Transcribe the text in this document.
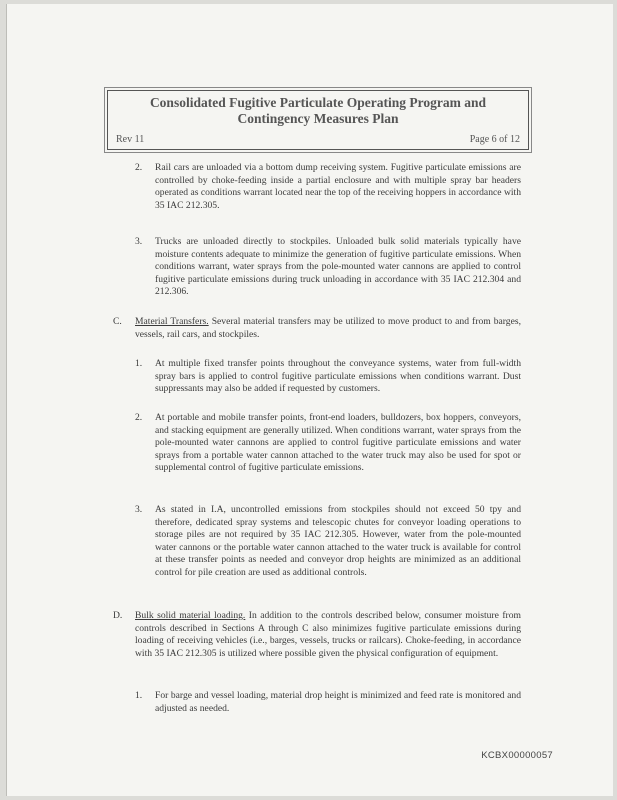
Consolidated Fugitive Particulate Operating Program and
Contingency Measures Plan
Rev 11	Page 6 of 12
2. Rail cars are unloaded via a bottom dump receiving system. Fugitive particulate emissions are controlled by choke-feeding inside a partial enclosure and with multiple spray bar headers operated as conditions warrant located near the top of the receiving hoppers in accordance with 35 IAC 212.305.
3. Trucks are unloaded directly to stockpiles. Unloaded bulk solid materials typically have moisture contents adequate to minimize the generation of fugitive particulate emissions. When conditions warrant, water sprays from the pole-mounted water cannons are applied to control fugitive particulate emissions during truck unloading in accordance with 35 IAC 212.304 and 212.306.
C. Material Transfers. Several material transfers may be utilized to move product to and from barges, vessels, rail cars, and stockpiles.
1. At multiple fixed transfer points throughout the conveyance systems, water from full-width spray bars is applied to control fugitive particulate emissions when conditions warrant. Dust suppressants may also be added if requested by customers.
2. At portable and mobile transfer points, front-end loaders, bulldozers, box hoppers, conveyors, and stacking equipment are generally utilized. When conditions warrant, water sprays from the pole-mounted water cannons are applied to control fugitive particulate emissions and water sprays from a portable water cannon attached to the water truck may also be used for spot or supplemental control of fugitive particulate emissions.
3. As stated in I.A, uncontrolled emissions from stockpiles should not exceed 50 tpy and therefore, dedicated spray systems and telescopic chutes for conveyor loading operations to storage piles are not required by 35 IAC 212.305. However, water from the pole-mounted water cannons or the portable water cannon attached to the water truck is available for control at these transfer points as needed and conveyor drop heights are minimized as an additional control for pile creation are used as additional controls.
D. Bulk solid material loading. In addition to the controls described below, consumer moisture from controls described in Sections A through C also minimizes fugitive particulate emissions during loading of receiving vehicles (i.e., barges, vessels, trucks or railcars). Choke-feeding, in accordance with 35 IAC 212.305 is utilized where possible given the physical configuration of equipment.
1. For barge and vessel loading, material drop height is minimized and feed rate is monitored and adjusted as needed.
KCBX00000057
